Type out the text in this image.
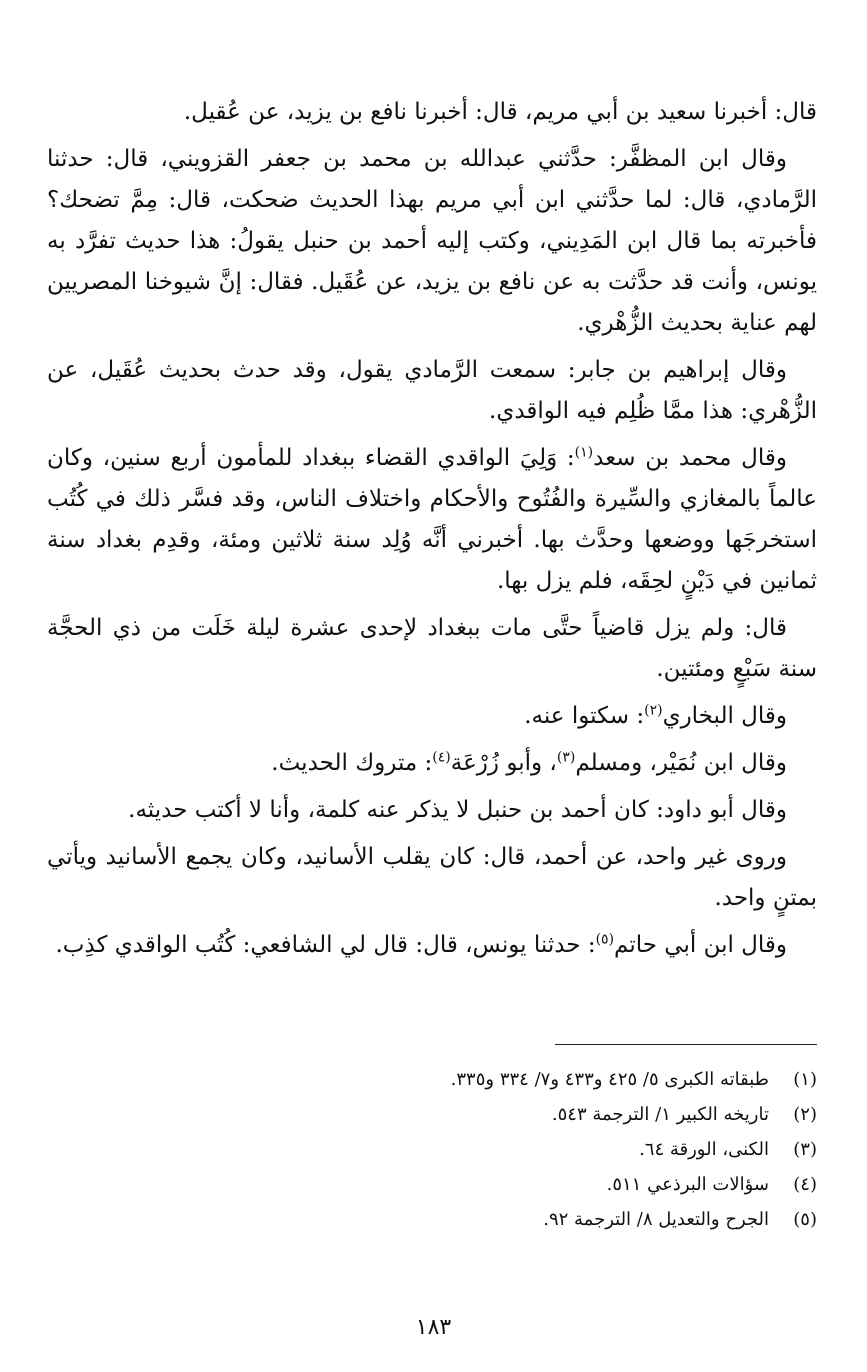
قال: أخبرنا سعيد بن أبي مريم، قال: أخبرنا نافع بن يزيد، عن عُقيل.

وقال ابن المظفَّر: حدَّثني عبدالله بن محمد بن جعفر القزويني، قال: حدثنا الرَّمادي، قال: لما حدَّثني ابن أبي مريم بهذا الحديث ضحكت، قال: مِمَّ تضحك؟ فأخبرته بما قال ابن المَدِيني، وكتب إليه أحمد بن حنبل يقولُ: هذا حديث تفرَّد به يونس، وأنت قد حدَّثت به عن نافع بن يزيد، عن عُقَيل. فقال: إنَّ شيوخنا المصريين لهم عناية بحديث الزُّهْري.

وقال إبراهيم بن جابر: سمعت الرَّمادي يقول، وقد حدث بحديث عُقَيل، عن الزُّهْري: هذا ممَّا ظُلِم فيه الواقدي.

وقال محمد بن سعد$^{(١)}$: وَلِيَ الواقدي القضاء ببغداد للمأمون أربع سنين، وكان عالماً بالمغازي والسِّيرة والفُتُوح والأحكام واختلاف الناس، وقد فسَّر ذلك في كُتُب استخرجَها ووضعها وحدَّث بها. أخبرني أنَّه وُلِد سنة ثلاثين ومئة، وقدِم بغداد سنة ثمانين في دَيْنٍ لحِقَه، فلم يزل بها.

قال: ولم يزل قاضياً حتَّى مات ببغداد لإحدى عشرة ليلة خَلَت من ذي الحجَّة سنة سَبْعٍ ومئتين.

وقال البخاري$^{(٢)}$: سكتوا عنه.

وقال ابن نُمَيْر، ومسلم$^{(٣)}$، وأبو زُرْعَة$^{(٤)}$: متروك الحديث.

وقال أبو داود: كان أحمد بن حنبل لا يذكر عنه كلمة، وأنا لا أكتب حديثه.

وروى غير واحد، عن أحمد، قال: كان يقلب الأسانيد، وكان يجمع الأسانيد ويأتي بمتنٍ واحد.

وقال ابن أبي حاتم$^{(٥)}$: حدثنا يونس، قال: قال لي الشافعي: كُتُب الواقدي كذِب.

(١)
طبقاته الكبرى ٥/ ٤٢٥ و٤٣٣ و٧/ ٣٣٤ و٣٣٥.
(٢)
تاريخه الكبير ١/ الترجمة ٥٤٣.
(٣)
الكنى، الورقة ٦٤.
(٤)
سؤالات البرذعي ٥١١.
(٥)
الجرح والتعديل ٨/ الترجمة ٩٢.
١٨٣
